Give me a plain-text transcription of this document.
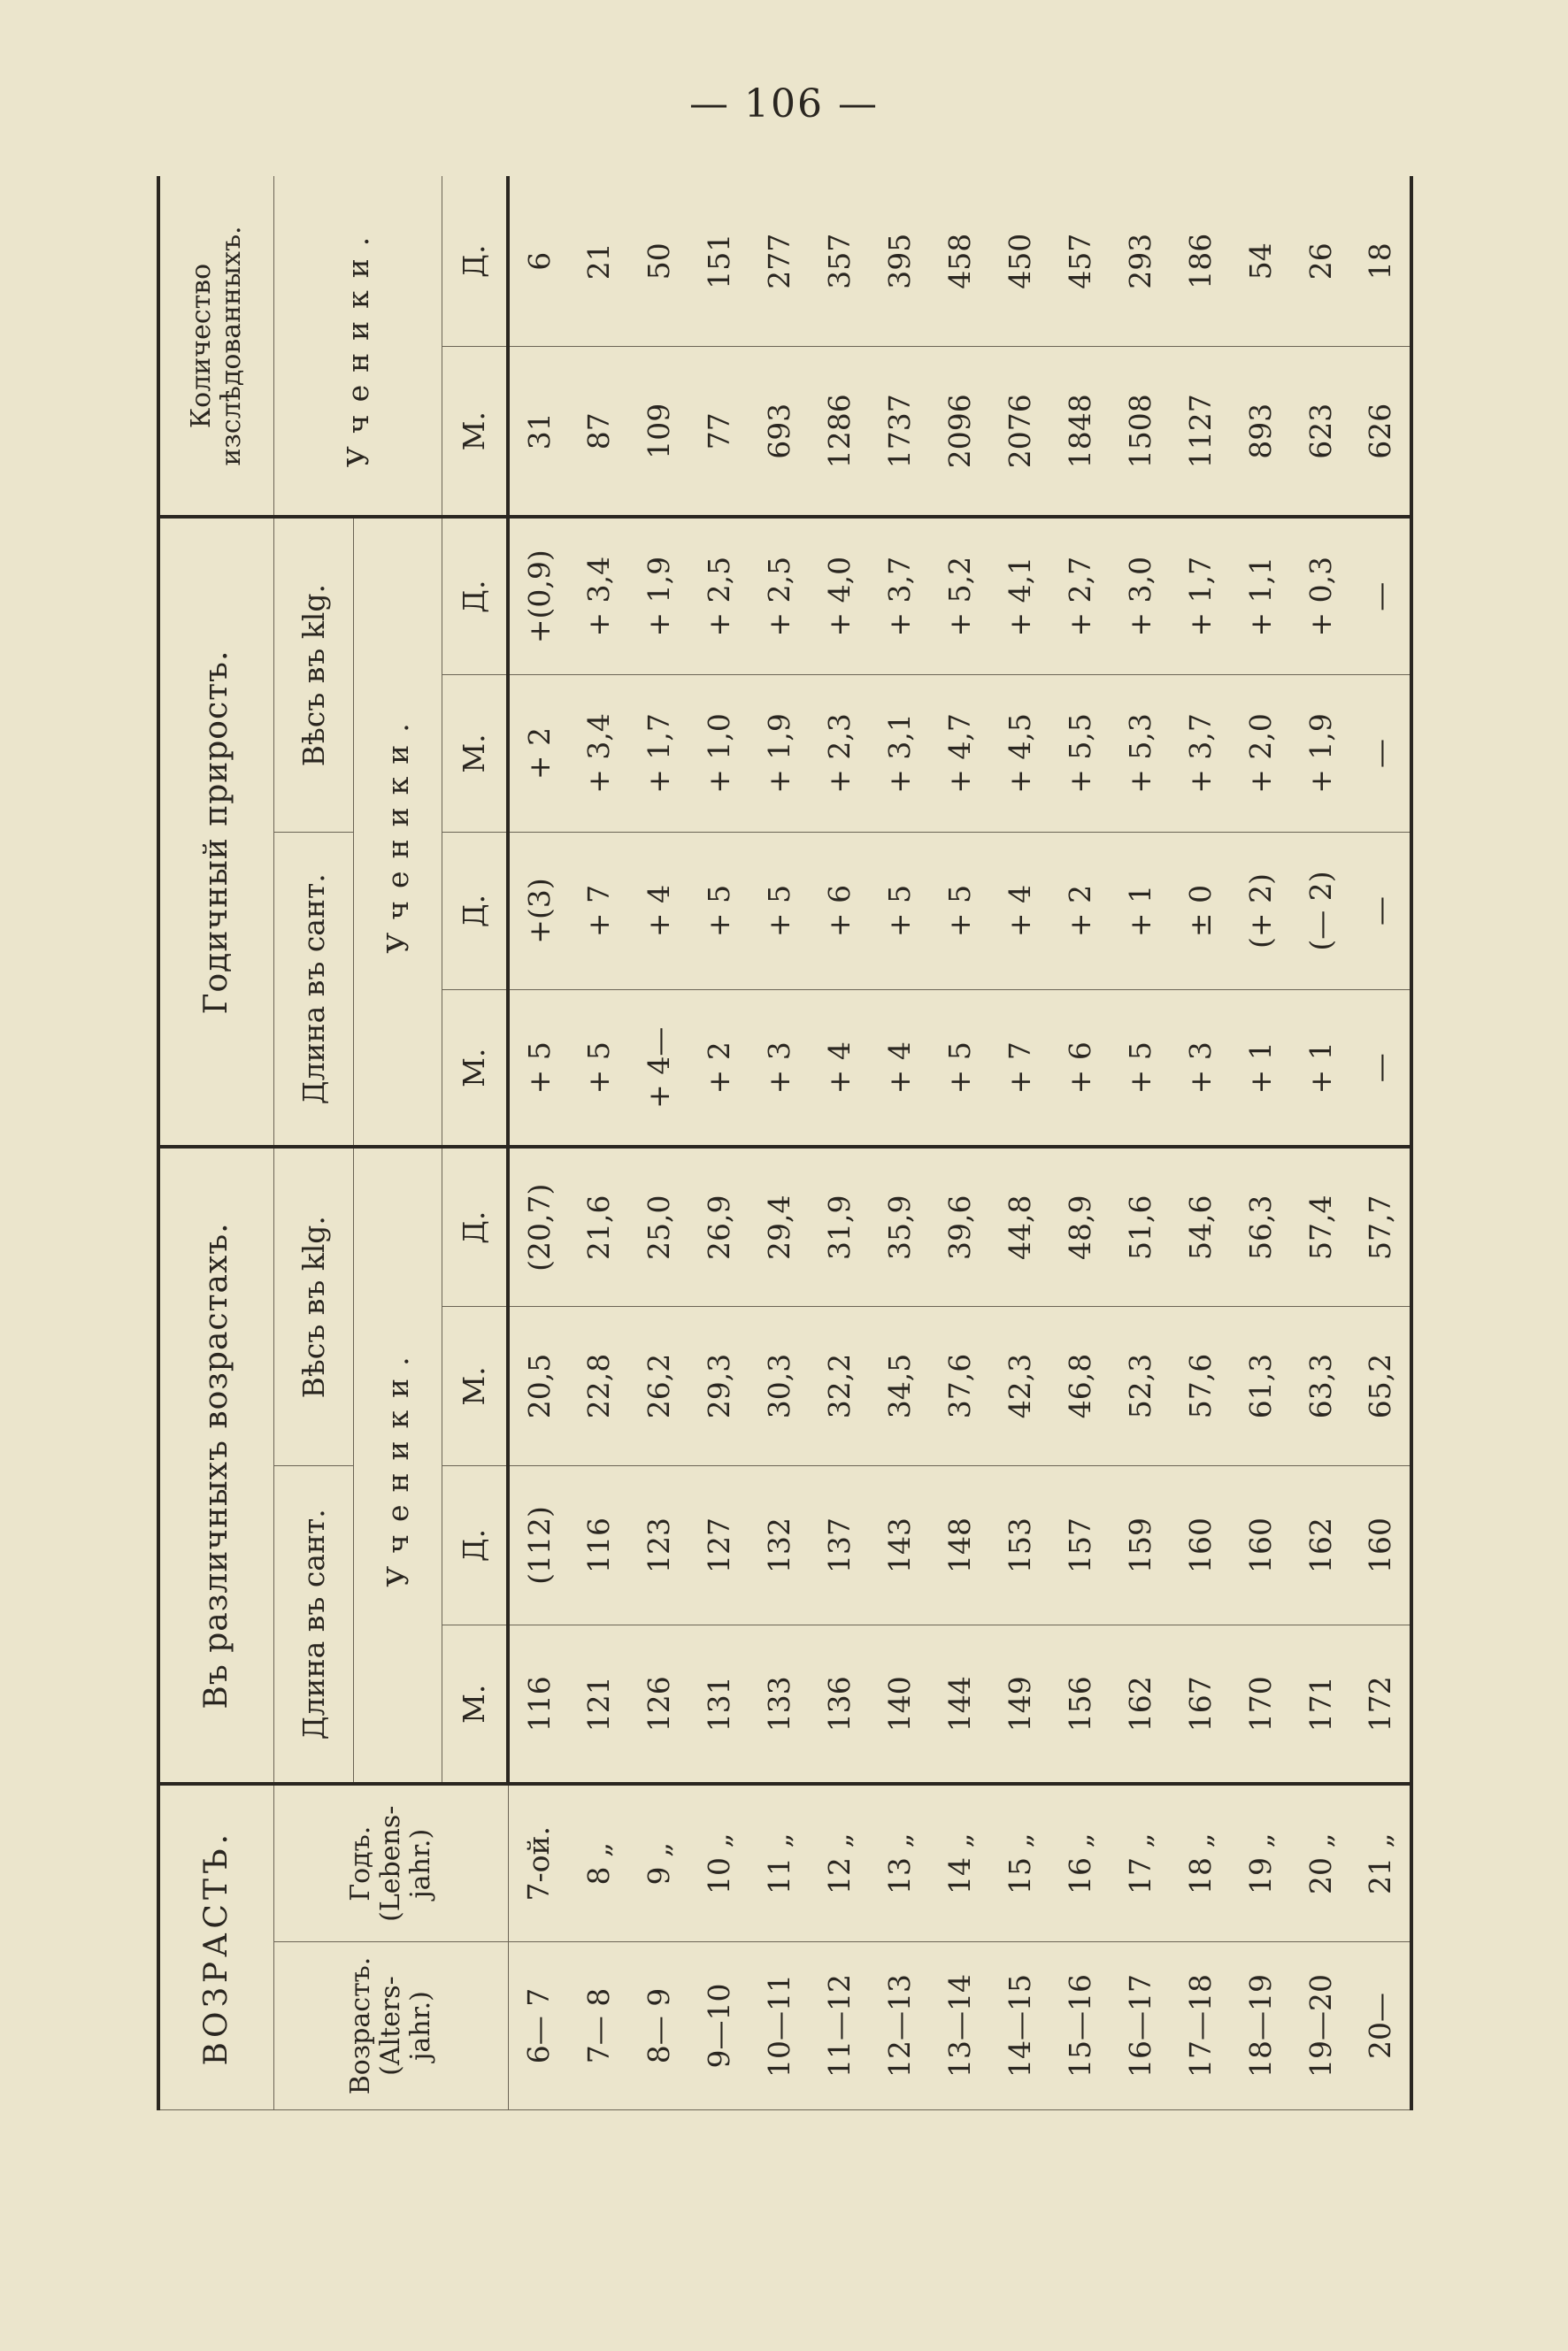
— 106 —
ВОЗРАСТЪ.		Въ различныхъ возрастахъ.				Годичный приростъ.				Количество изслѣдованныхъ.	
Возрастъ. (Alters-jahr.)	Годъ. (Lebens-jahr.)	Длина въ сант.		Вѣсъ въ klg.		Длина въ сант.		Вѣсъ въ klg.		Ученики.	
		Ученики.				Ученики.					
		М.	Д.	М.	Д.	М.	Д.	М.	Д.	М.	Д.
6— 7	7-ой.	116	(112)	20,5	(20,7)	+ 5	+(3)	+ 2	+(0,9)	31	6
7— 8	8 „	121	116	22,8	21,6	+ 5	+ 7	+ 3,4	+ 3,4	87	21
8— 9	9 „	126	123	26,2	25,0	+ 4—	+ 4	+ 1,7	+ 1,9	109	50
9—10	10 „	131	127	29,3	26,9	+ 2	+ 5	+ 1,0	+ 2,5	77	151
10—11	11 „	133	132	30,3	29,4	+ 3	+ 5	+ 1,9	+ 2,5	693	277
11—12	12 „	136	137	32,2	31,9	+ 4	+ 6	+ 2,3	+ 4,0	1286	357
12—13	13 „	140	143	34,5	35,9	+ 4	+ 5	+ 3,1	+ 3,7	1737	395
13—14	14 „	144	148	37,6	39,6	+ 5	+ 5	+ 4,7	+ 5,2	2096	458
14—15	15 „	149	153	42,3	44,8	+ 7	+ 4	+ 4,5	+ 4,1	2076	450
15—16	16 „	156	157	46,8	48,9	+ 6	+ 2	+ 5,5	+ 2,7	1848	457
16—17	17 „	162	159	52,3	51,6	+ 5	+ 1	+ 5,3	+ 3,0	1508	293
17—18	18 „	167	160	57,6	54,6	+ 3	± 0	+ 3,7	+ 1,7	1127	186
18—19	19 „	170	160	61,3	56,3	+ 1	(+ 2)	+ 2,0	+ 1,1	893	54
19—20	20 „	171	162	63,3	57,4	+ 1	(— 2)	+ 1,9	+ 0,3	623	26
20—	21 „	172	160	65,2	57,7	—	—	—	—	626	18
